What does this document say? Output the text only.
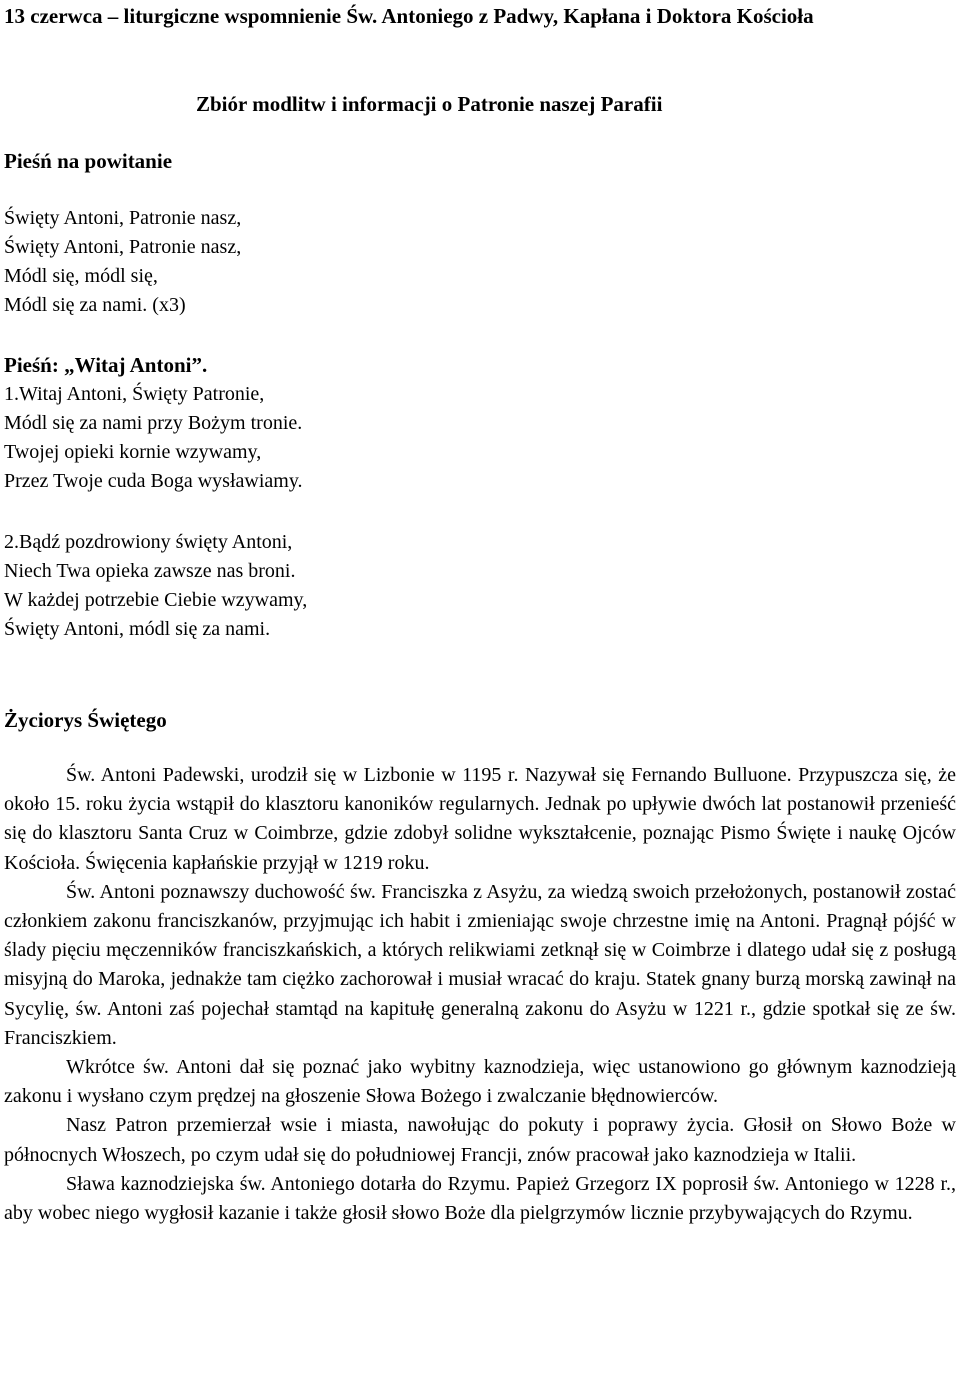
13 czerwca – liturgiczne wspomnienie Św. Antoniego z Padwy, Kapłana i Doktora Kościoła
Zbiór modlitw i informacji o Patronie naszej Parafii
Pieśń na powitanie
Święty Antoni, Patronie nasz,
Święty Antoni, Patronie nasz,
Módl się, módl się,
Módl się za nami. (x3)
Pieśń: „Witaj Antoni”.
1.Witaj Antoni, Święty Patronie,
Módl się za nami przy Bożym tronie.
Twojej opieki kornie wzywamy,
Przez Twoje cuda Boga wysławiamy.
2.Bądź pozdrowiony święty Antoni,
Niech Twa opieka zawsze nas broni.
W każdej potrzebie Ciebie wzywamy,
Święty Antoni, módl się za nami.
Życiorys Świętego

Św. Antoni Padewski, urodził się w Lizbonie w 1195 r. Nazywał się Fernando Bulluone. Przypuszcza się, że około 15. roku życia wstąpił do klasztoru kanoników regularnych. Jednak po upływie dwóch lat postanowił przenieść się do klasztoru Santa Cruz w Coimbrze, gdzie zdobył solidne wykształcenie, poznając Pismo Święte i naukę Ojców Kościoła. Święcenia kapłańskie przyjął w 1219 roku.

Św. Antoni poznawszy duchowość św. Franciszka z Asyżu, za wiedzą swoich przełożonych, postanowił zostać członkiem zakonu franciszkanów, przyjmując ich habit i zmieniając swoje chrzestne imię na Antoni. Pragnął pójść w ślady pięciu męczenników franciszkańskich, a których relikwiami zetknął się w Coimbrze i dlatego udał się z posługą misyjną do Maroka, jednakże tam ciężko zachorował i musiał wracać do kraju. Statek gnany burzą morską zawinął na Sycylię, św. Antoni zaś pojechał stamtąd na kapitułę generalną zakonu do Asyżu w 1221 r., gdzie spotkał się ze św. Franciszkiem.

Wkrótce św. Antoni dał się poznać jako wybitny kaznodzieja, więc ustanowiono go głównym kaznodzieją zakonu i wysłano czym prędzej na głoszenie Słowa Bożego i zwalczanie błędnowierców.

Nasz Patron przemierzał wsie i miasta, nawołując do pokuty i poprawy życia. Głosił on Słowo Boże w północnych Włoszech, po czym udał się do południowej Francji, znów pracował jako kaznodzieja w Italii.

Sława kaznodziejska św. Antoniego dotarła do Rzymu. Papież Grzegorz IX poprosił św. Antoniego w 1228 r., aby wobec niego wygłosił kazanie i także głosił słowo Boże dla pielgrzymów licznie przybywających do Rzymu.
